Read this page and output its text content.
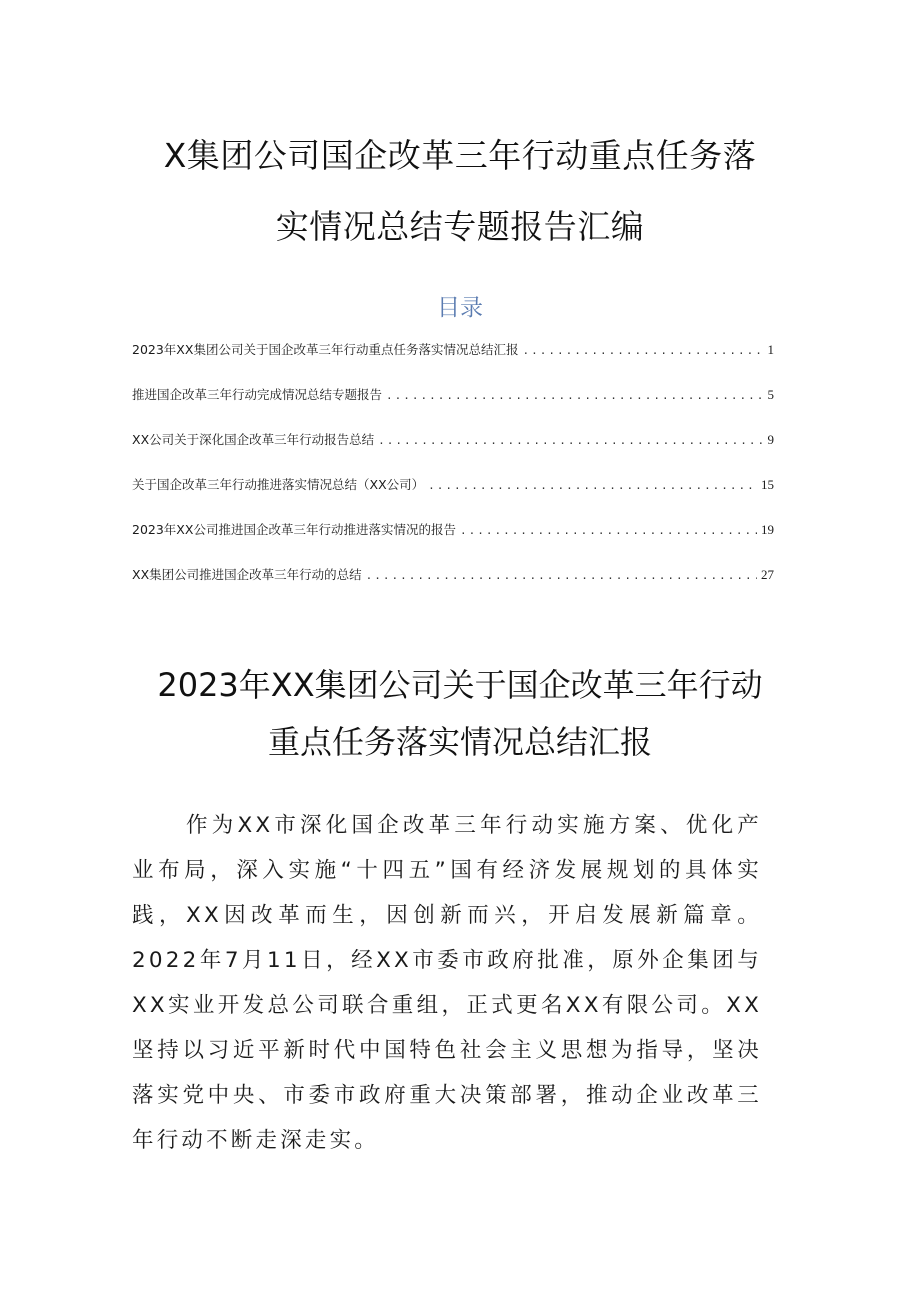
X集团公司国企改革三年行动重点任务落
实情况总结专题报告汇编
目录
2023年XX集团公司关于国企改革三年行动重点任务落实情况总结汇报 .....	1
推进国企改革三年行动完成情况总结专题报告 .....	5
XX公司关于深化国企改革三年行动报告总结 .....	9
关于国企改革三年行动推进落实情况总结（XX公司） .....	15
2023年XX公司推进国企改革三年行动推进落实情况的报告 .....	19
XX集团公司推进国企改革三年行动的总结 .....	27
2023年XX集团公司关于国企改革三年行动
重点任务落实情况总结汇报

作为XX市深化国企改革三年行动实施方案、优化产业布局，深入实施“十四五”国有经济发展规划的具体实践，XX因改革而生，因创新而兴，开启发展新篇章。2022年7月11日，经XX市委市政府批准，原外企集团与XX实业开发总公司联合重组，正式更名XX有限公司。XX坚持以习近平新时代中国特色社会主义思想为指导，坚决落实党中央、市委市政府重大决策部署，推动企业改革三年行动不断走深走实。
